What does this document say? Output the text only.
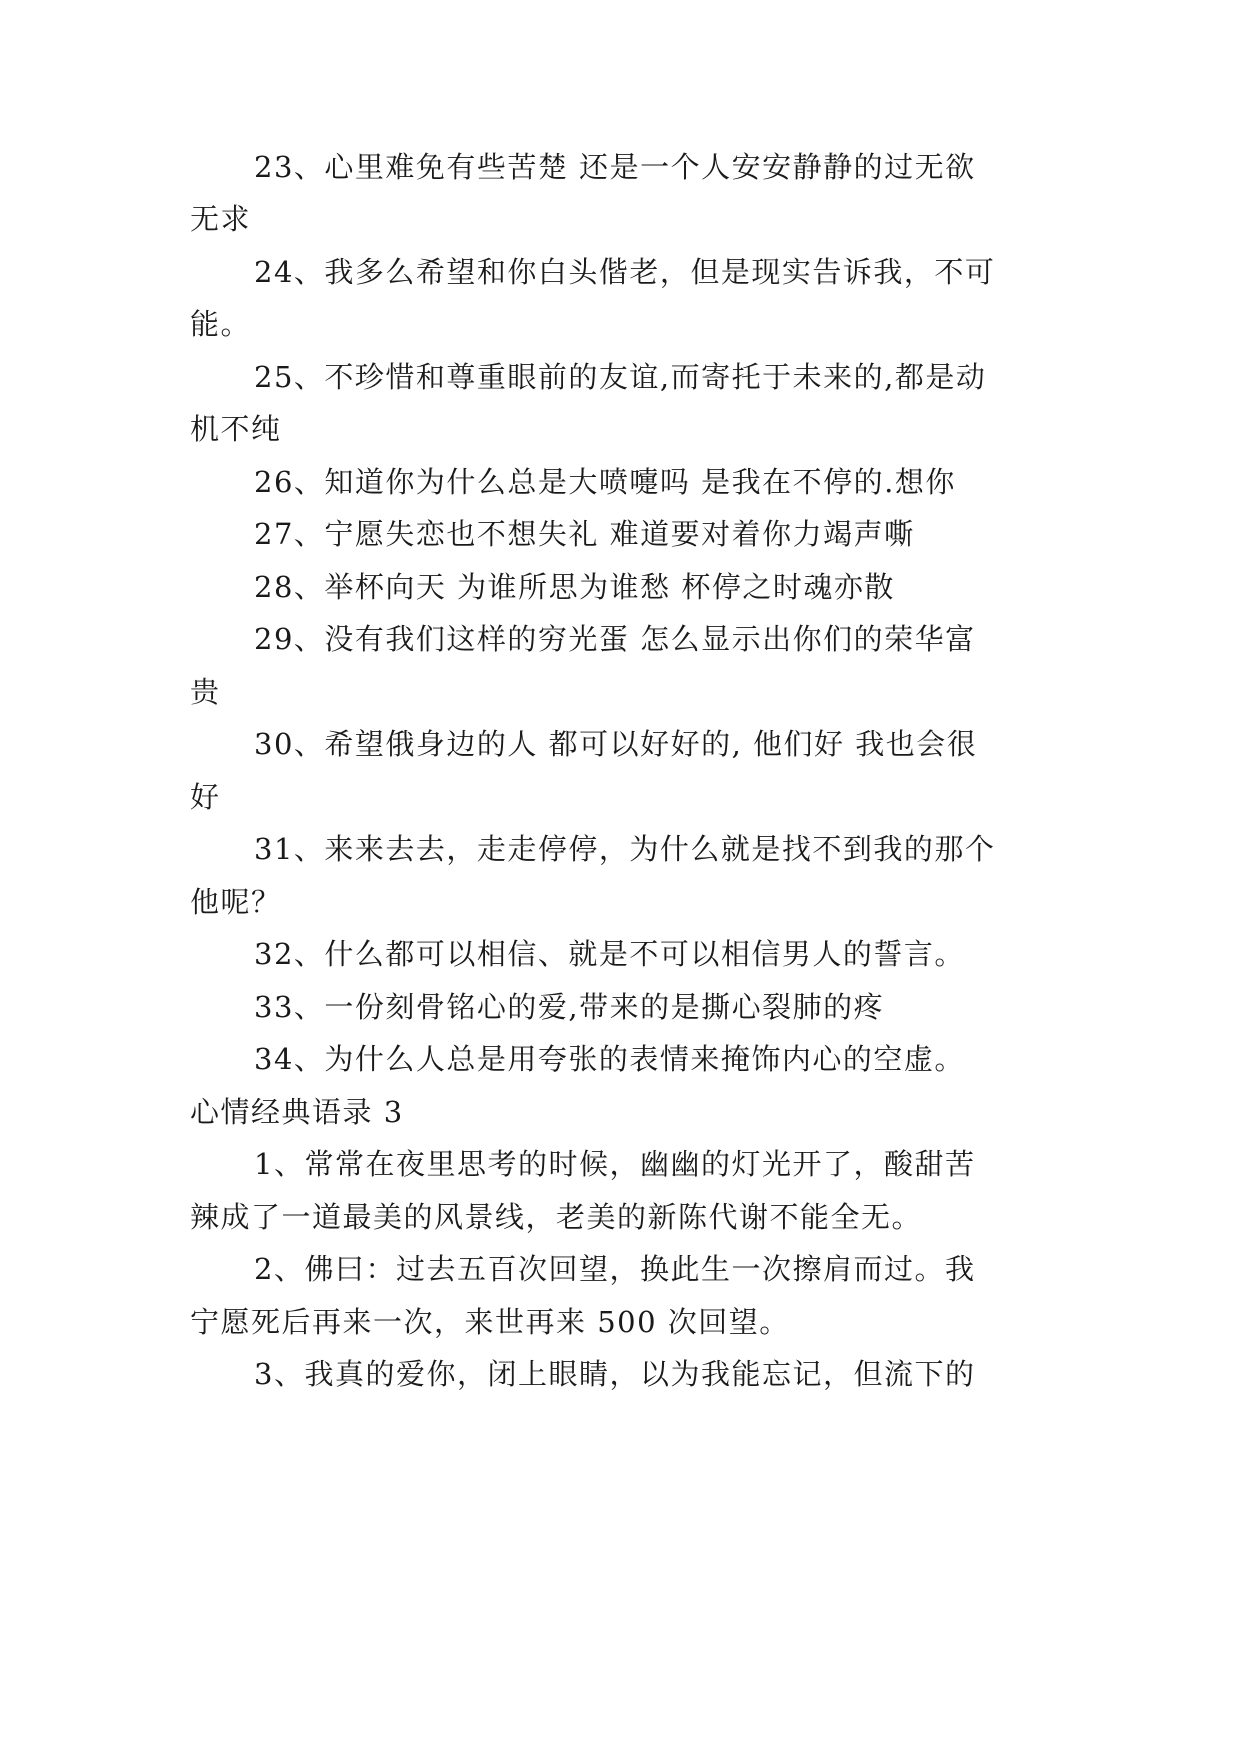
23、心里难免有些苦楚 还是一个人安安静静的过无欲
无求
24、我多么希望和你白头偕老，但是现实告诉我，不可
能。
25、不珍惜和尊重眼前的友谊,而寄托于未来的,都是动
机不纯
26、知道你为什么总是大喷嚏吗 是我在不停的.想你
27、宁愿失恋也不想失礼 难道要对着你力竭声嘶
28、举杯向天 为谁所思为谁愁 杯停之时魂亦散
29、没有我们这样的穷光蛋 怎么显示出你们的荣华富
贵
30、希望俄身边的人 都可以好好的, 他们好 我也会很
好
31、来来去去，走走停停，为什么就是找不到我的那个
他呢？
32、什么都可以相信、就是不可以相信男人的誓言。
33、一份刻骨铭心的爱,带来的是撕心裂肺的疼
34、为什么人总是用夸张的表情来掩饰内心的空虚。
心情经典语录 3
1、常常在夜里思考的时候，幽幽的灯光开了，酸甜苦
辣成了一道最美的风景线，老美的新陈代谢不能全无。
2、佛曰：过去五百次回望，换此生一次擦肩而过。我
宁愿死后再来一次，来世再来 500 次回望。
3、我真的爱你，闭上眼睛，以为我能忘记，但流下的
